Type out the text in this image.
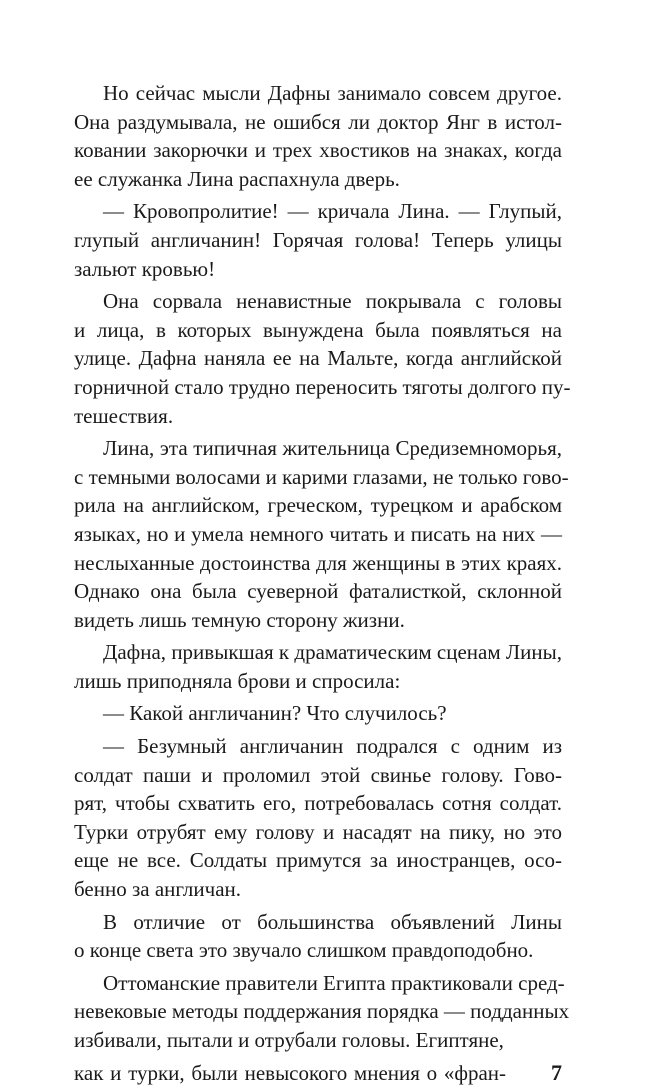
Но сейчас мысли Дафны занимало совсем другое.
Она раздумывала, не ошибся ли доктор Янг в истол-
ковании закорючки и трех хвостиков на знаках, когда
ее служанка Лина распахнула дверь.
— Кровопролитие! — кричала Лина. — Глупый,
глупый англичанин! Горячая голова! Теперь улицы
зальют кровью!
Она сорвала ненавистные покрывала с головы
и лица, в которых вынуждена была появляться на
улице. Дафна наняла ее на Мальте, когда английской
горничной стало трудно переносить тяготы долгого пу-
тешествия.
Лина, эта типичная жительница Средиземноморья,
с темными волосами и карими глазами, не только гово-
рила на английском, греческом, турецком и арабском
языках, но и умела немного читать и писать на них —
неслыханные достоинства для женщины в этих краях.
Однако она была суеверной фаталисткой, склонной
видеть лишь темную сторону жизни.
Дафна, привыкшая к драматическим сценам Лины,
лишь приподняла брови и спросила:
— Какой англичанин? Что случилось?
— Безумный англичанин подрался с одним из
солдат паши и проломил этой свинье голову. Гово-
рят, чтобы схватить его, потребовалась сотня солдат.
Турки отрубят ему голову и насадят на пику, но это
еще не все. Солдаты примутся за иностранцев, осо-
бенно за англичан.
В отличие от большинства объявлений Лины
о конце света это звучало слишком правдоподобно.
Оттоманские правители Египта практиковали сред-
невековые методы поддержания порядка — подданных
избивали, пытали и отрубали головы. Египтяне,
как и турки, были невысокого мнения о «фран- 7
